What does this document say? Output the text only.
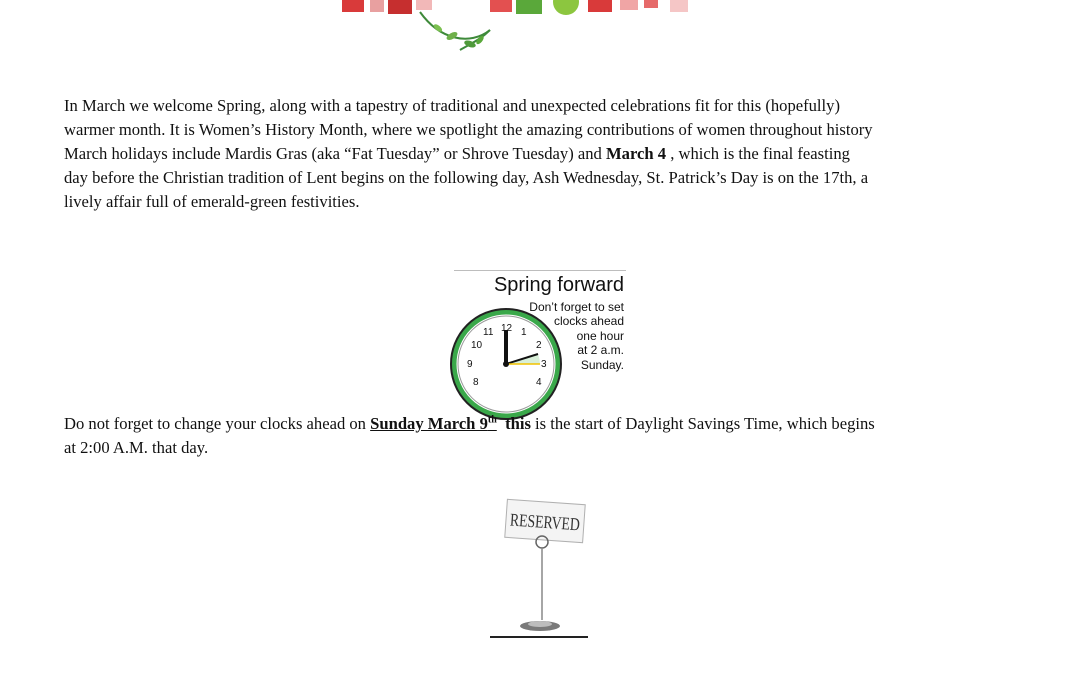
In March we welcome Spring, along with a tapestry of traditional and unexpected celebrations fit for this (hopefully)
warmer month. It is Women’s History Month, where we spotlight the amazing contributions of women throughout history
March holidays include Mardis Gras (aka “Fat Tuesday” or Shrove Tuesday) and March 4 , which is the final feasting
day before the Christian tradition of Lent begins on the following day, Ash Wednesday, St. Patrick’s Day is on the 17th, a
lively affair full of emerald-green festivities.

11 12 1
10	2
9	3
8	4
Spring forward
Don’t forget to set
clocks ahead
one hour
at 2 a.m.
Sunday.

Do not forget to change your clocks ahead on Sunday March 9th this is the start of Daylight Savings Time, which begins
at 2:00 A.M. that day.

RESERVED
